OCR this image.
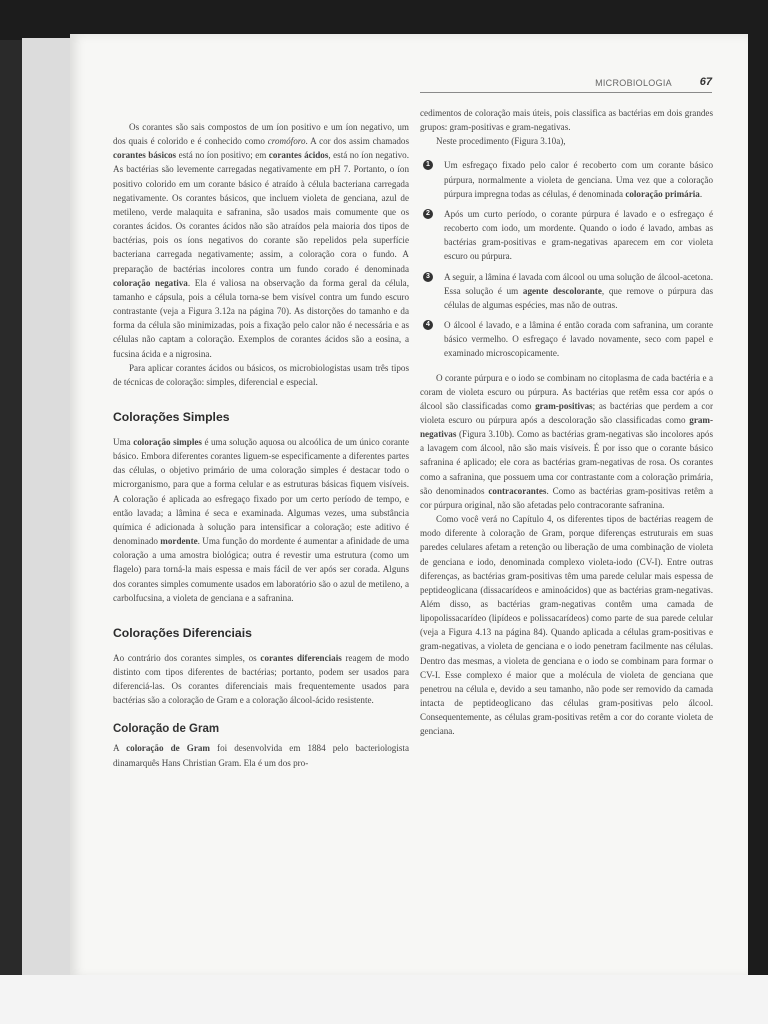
MICROBIOLOGIA	67

Os corantes são sais compostos de um íon positivo e um íon negativo, um dos quais é colorido e é conhecido como cromóforo. A cor dos assim chamados corantes básicos está no íon positivo; em corantes ácidos, está no íon negativo. As bactérias são levemente carregadas negativamente em pH 7. Portanto, o íon positivo colorido em um corante básico é atraído à célula bacteriana carregada negativamente. Os corantes básicos, que incluem violeta de genciana, azul de metileno, verde malaquita e safranina, são usados mais comumente que os corantes ácidos. Os corantes ácidos não são atraídos pela maioria dos tipos de bactérias, pois os íons negativos do corante são repelidos pela superfície bacteriana carregada negativamente; assim, a coloração cora o fundo. A preparação de bactérias incolores contra um fundo corado é denominada coloração negativa. Ela é valiosa na observação da forma geral da célula, tamanho e cápsula, pois a célula torna-se bem visível contra um fundo escuro contrastante (veja a Figura 3.12a na página 70). As distorções do tamanho e da forma da célula são minimizadas, pois a fixação pelo calor não é necessária e as células não captam a coloração. Exemplos de corantes ácidos são a eosina, a fucsina ácida e a nigrosina.

Para aplicar corantes ácidos ou básicos, os microbiologistas usam três tipos de técnicas de coloração: simples, diferencial e especial.

Colorações Simples

Uma coloração simples é uma solução aquosa ou alcoólica de um único corante básico. Embora diferentes corantes liguem-se especificamente a diferentes partes das células, o objetivo primário de uma coloração simples é destacar todo o microrganismo, para que a forma celular e as estruturas básicas fiquem visíveis. A coloração é aplicada ao esfregaço fixado por um certo período de tempo, e então lavada; a lâmina é seca e examinada. Algumas vezes, uma substância química é adicionada à solução para intensificar a coloração; este aditivo é denominado mordente. Uma função do mordente é aumentar a afinidade de uma coloração a uma amostra biológica; outra é revestir uma estrutura (como um flagelo) para torná-la mais espessa e mais fácil de ver após ser corada. Alguns dos corantes simples comumente usados em laboratório são o azul de metileno, a carbolfucsina, a violeta de genciana e a safranina.

Colorações Diferenciais

Ao contrário dos corantes simples, os corantes diferenciais reagem de modo distinto com tipos diferentes de bactérias; portanto, podem ser usados para diferenciá-las. Os corantes diferenciais mais frequentemente usados para bactérias são a coloração de Gram e a coloração álcool-ácido resistente.

Coloração de Gram

A coloração de Gram foi desenvolvida em 1884 pelo bacteriologista dinamarquês Hans Christian Gram. Ela é um dos pro-

cedimentos de coloração mais úteis, pois classifica as bactérias em dois grandes grupos: gram-positivas e gram-negativas.

Neste procedimento (Figura 3.10a),

1	Um esfregaço fixado pelo calor é recoberto com um corante básico púrpura, normalmente a violeta de genciana. Uma vez que a coloração púrpura impregna todas as células, é denominada coloração primária.
2	Após um curto período, o corante púrpura é lavado e o esfregaço é recoberto com iodo, um mordente. Quando o iodo é lavado, ambas as bactérias gram-positivas e gram-negativas aparecem em cor violeta escuro ou púrpura.
3	A seguir, a lâmina é lavada com álcool ou uma solução de álcool-acetona. Essa solução é um agente descolorante, que remove o púrpura das células de algumas espécies, mas não de outras.
4	O álcool é lavado, e a lâmina é então corada com safranina, um corante básico vermelho. O esfregaço é lavado novamente, seco com papel e examinado microscopicamente.

O corante púrpura e o iodo se combinam no citoplasma de cada bactéria e a coram de violeta escuro ou púrpura. As bactérias que retêm essa cor após o álcool são classificadas como gram-positivas; as bactérias que perdem a cor violeta escuro ou púrpura após a descoloração são classificadas como gram-negativas (Figura 3.10b). Como as bactérias gram-negativas são incolores após a lavagem com álcool, não são mais visíveis. É por isso que o corante básico safranina é aplicado; ele cora as bactérias gram-negativas de rosa. Os corantes como a safranina, que possuem uma cor contrastante com a coloração primária, são denominados contracorantes. Como as bactérias gram-positivas retêm a cor púrpura original, não são afetadas pelo contracorante safranina.

Como você verá no Capítulo 4, os diferentes tipos de bactérias reagem de modo diferente à coloração de Gram, porque diferenças estruturais em suas paredes celulares afetam a retenção ou liberação de uma combinação de violeta de genciana e iodo, denominada complexo violeta-iodo (CV-I). Entre outras diferenças, as bactérias gram-positivas têm uma parede celular mais espessa de peptideoglicana (dissacarídeos e aminoácidos) que as bactérias gram-negativas. Além disso, as bactérias gram-negativas contêm uma camada de lipopolissacarídeo (lipídeos e polissacarídeos) como parte de sua parede celular (veja a Figura 4.13 na página 84). Quando aplicada a células gram-positivas e gram-negativas, a violeta de genciana e o iodo penetram facilmente nas células. Dentro das mesmas, a violeta de genciana e o iodo se combinam para formar o CV-I. Esse complexo é maior que a molécula de violeta de genciana que penetrou na célula e, devido a seu tamanho, não pode ser removido da camada intacta de peptideoglicano das células gram-positivas pelo álcool. Consequentemente, as células gram-positivas retêm a cor do corante violeta de genciana.
